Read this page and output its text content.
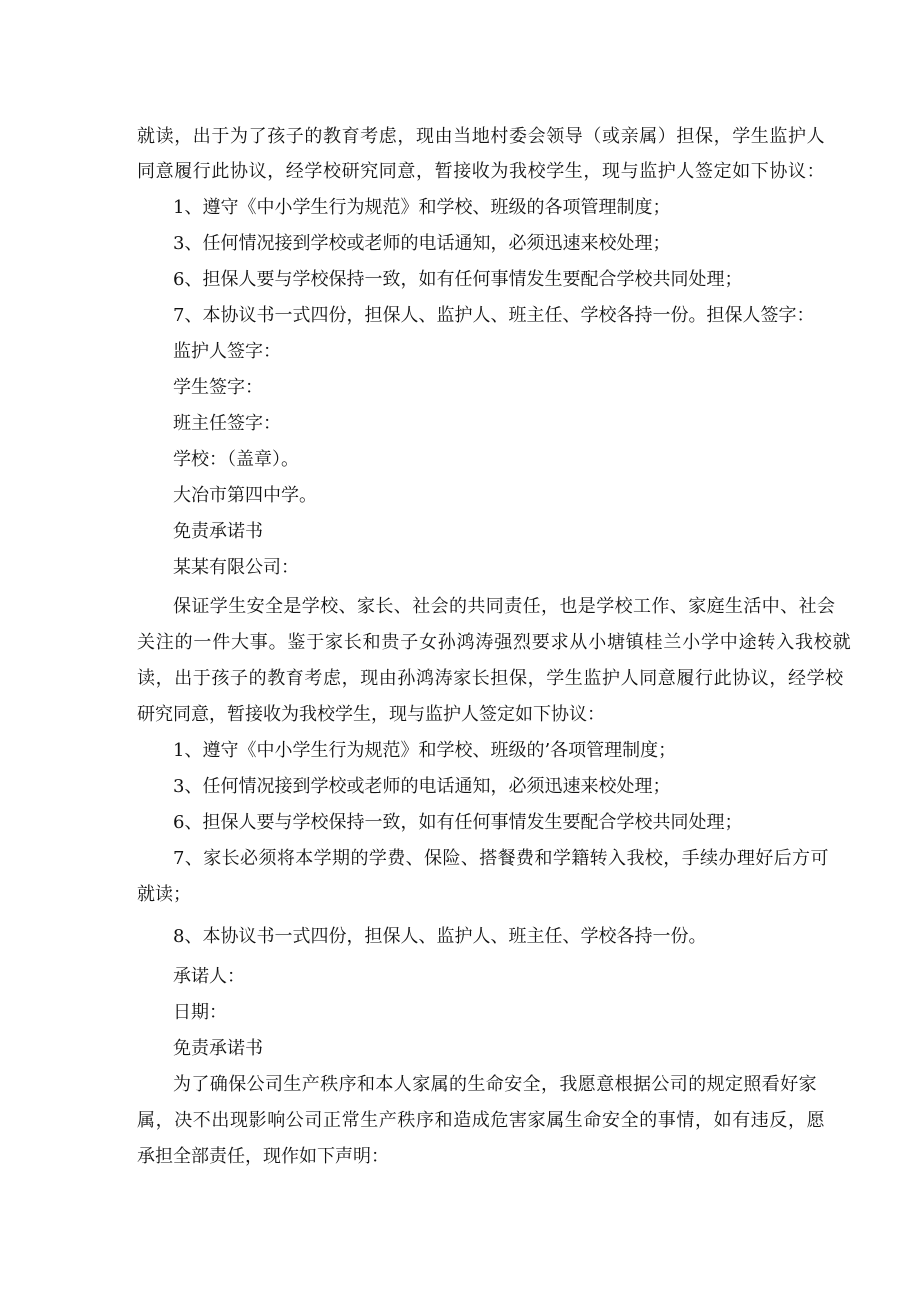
就读，出于为了孩子的教育考虑，现由当地村委会领导（或亲属）担保，学生监护人
同意履行此协议，经学校研究同意，暂接收为我校学生，现与监护人签定如下协议：
1、遵守《中小学生行为规范》和学校、班级的各项管理制度；
3、任何情况接到学校或老师的电话通知，必须迅速来校处理；
6、担保人要与学校保持一致，如有任何事情发生要配合学校共同处理；
7、本协议书一式四份，担保人、监护人、班主任、学校各持一份。担保人签字：
监护人签字：
学生签字：
班主任签字：
学校：（盖章）。
大冶市第四中学。
免责承诺书
某某有限公司：
保证学生安全是学校、家长、社会的共同责任，也是学校工作、家庭生活中、社会
关注的一件大事。鉴于家长和贵子女孙鸿涛强烈要求从小塘镇桂兰小学中途转入我校就
读，出于孩子的教育考虑，现由孙鸿涛家长担保，学生监护人同意履行此协议，经学校
研究同意，暂接收为我校学生，现与监护人签定如下协议：
1、遵守《中小学生行为规范》和学校、班级的’各项管理制度；
3、任何情况接到学校或老师的电话通知，必须迅速来校处理；
6、担保人要与学校保持一致，如有任何事情发生要配合学校共同处理；
7、家长必须将本学期的学费、保险、搭餐费和学籍转入我校，手续办理好后方可
就读；
8、本协议书一式四份，担保人、监护人、班主任、学校各持一份。
承诺人：
日期：
免责承诺书
为了确保公司生产秩序和本人家属的生命安全，我愿意根据公司的规定照看好家
属，决不出现影响公司正常生产秩序和造成危害家属生命安全的事情，如有违反，愿
承担全部责任，现作如下声明：
